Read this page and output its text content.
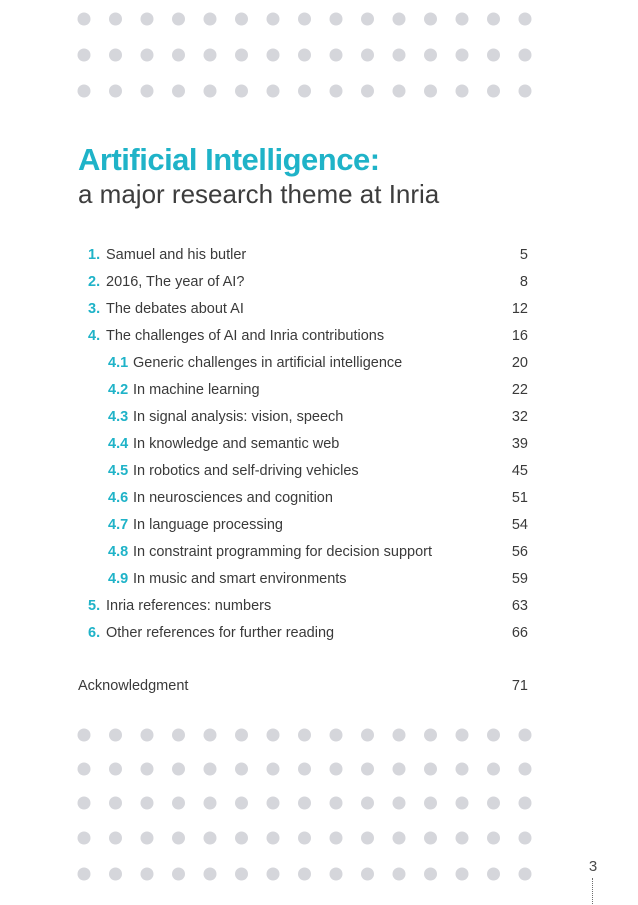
Artificial Intelligence:
a major research theme at Inria
1. Samuel and his butler	5
2. 2016, The year of AI?	8
3. The debates about AI	12
4. The challenges of AI and Inria contributions	16
4.1 Generic challenges in artificial intelligence	20
4.2 In machine learning	22
4.3 In signal analysis: vision, speech	32
4.4 In knowledge and semantic web	39
4.5 In robotics and self-driving vehicles	45
4.6 In neurosciences and cognition	51
4.7 In language processing	54
4.8 In constraint programming for decision support	56
4.9 In music and smart environments	59
5. Inria references: numbers	63
6. Other references for further reading	66
Acknowledgment	71
3
